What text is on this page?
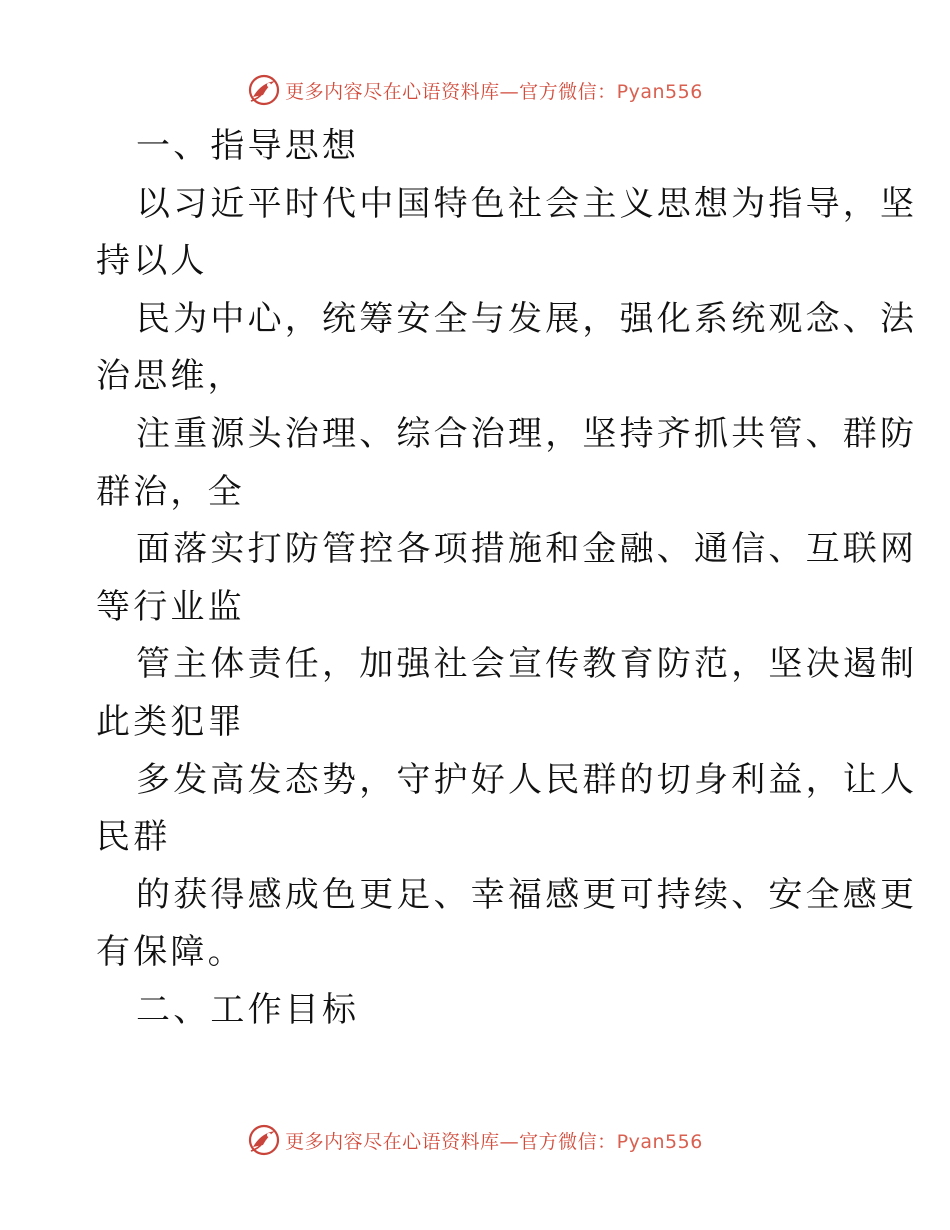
更多内容尽在心语资料库—官方微信：Pyan556
一、指导思想
以习近平时代中国特色社会主义思想为指导，坚
持以人
民为中心，统筹安全与发展，强化系统观念、法
治思维，
注重源头治理、综合治理，坚持齐抓共管、群防
群治，全
面落实打防管控各项措施和金融、通信、互联网
等行业监
管主体责任，加强社会宣传教育防范，坚决遏制
此类犯罪
多发高发态势，守护好人民群的切身利益，让人
民群
的获得感成色更足、幸福感更可持续、安全感更
有保障。
二、工作目标
更多内容尽在心语资料库—官方微信：Pyan556
